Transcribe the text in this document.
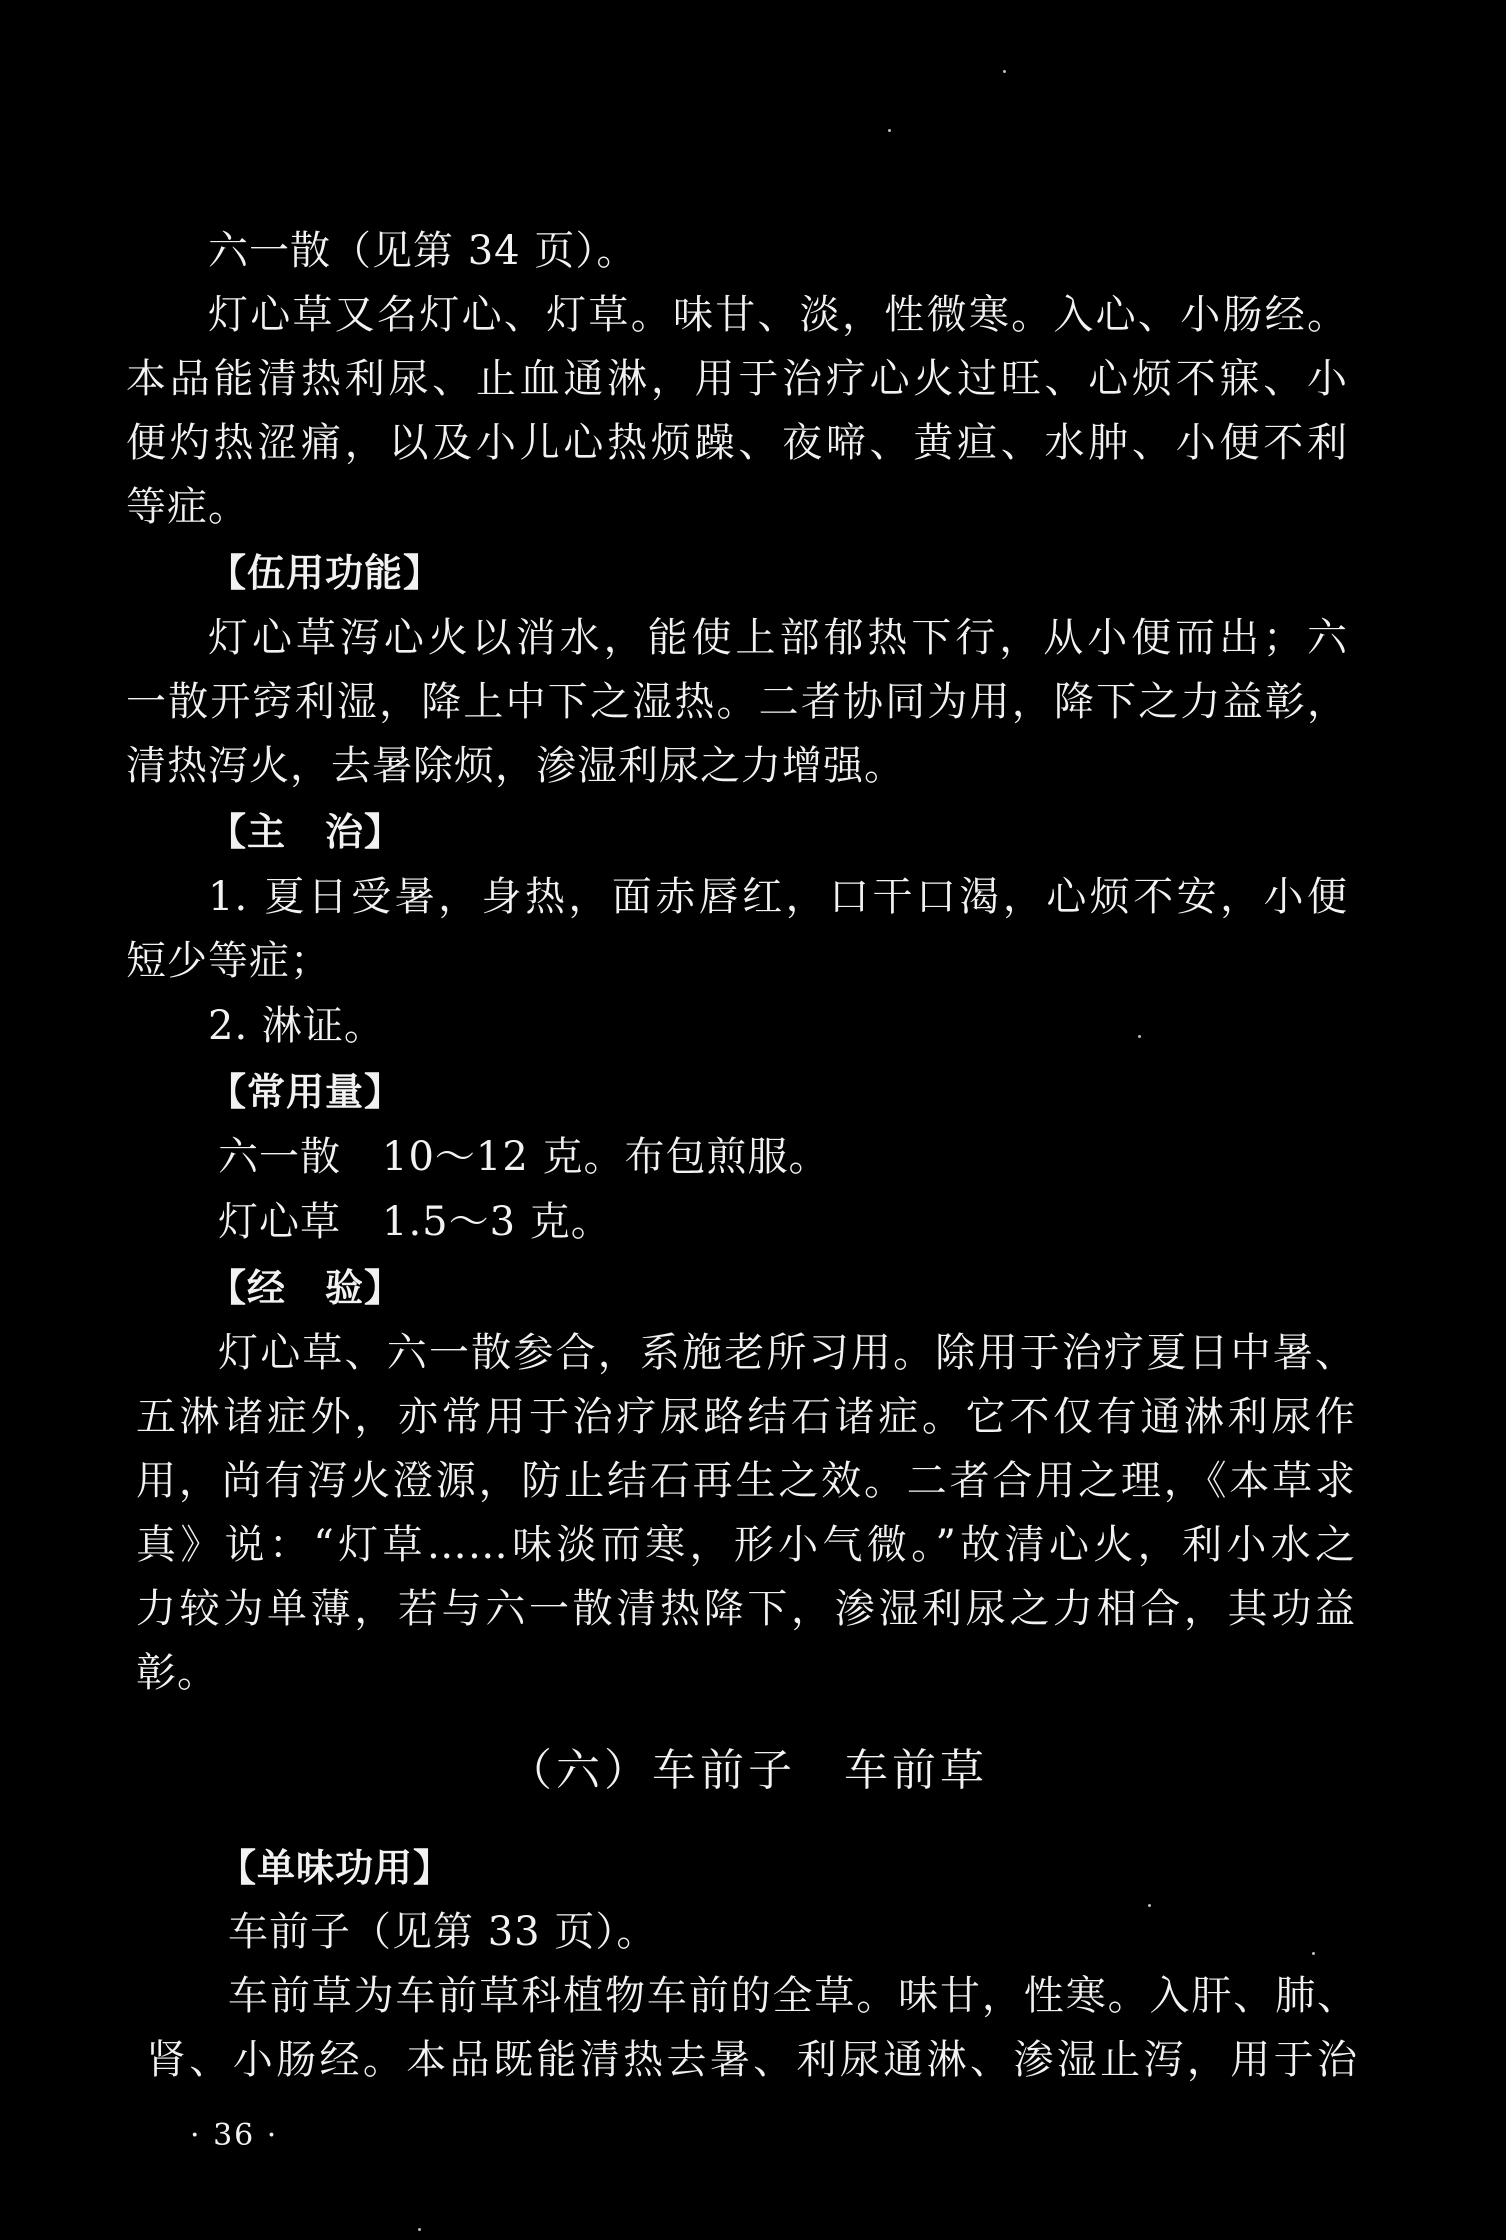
六一散（见第 34 页）。
灯心草又名灯心、灯草。味甘、淡，性微寒。入心、小肠经。
本品能清热利尿、止血通淋，用于治疗心火过旺、心烦不寐、小
便灼热涩痛，以及小儿心热烦躁、夜啼、黄疸、水肿、小便不利
等症。
【伍用功能】
灯心草泻心火以消水，能使上部郁热下行，从小便而出；六
一散开窍利湿，降上中下之湿热。二者协同为用，降下之力益彰，
清热泻火，去暑除烦，渗湿利尿之力增强。
【主　治】
1. 夏日受暑，身热，面赤唇红，口干口渴，心烦不安，小便
短少等症；
2. 淋证。
【常用量】
六一散　10～12 克。布包煎服。
灯心草　1.5～3 克。
【经　验】
灯心草、六一散参合，系施老所习用。除用于治疗夏日中暑、
五淋诸症外，亦常用于治疗尿路结石诸症。它不仅有通淋利尿作
用，尚有泻火澄源，防止结石再生之效。二者合用之理，《本草求
真》说：“灯草……味淡而寒，形小气微。”故清心火，利小水之
力较为单薄，若与六一散清热降下，渗湿利尿之力相合，其功益
彰。
（六）车前子　车前草
【单味功用】
车前子（见第 33 页）。
车前草为车前草科植物车前的全草。味甘，性寒。入肝、肺、
肾、小肠经。本品既能清热去暑、利尿通淋、渗湿止泻，用于治
· 36 ·
